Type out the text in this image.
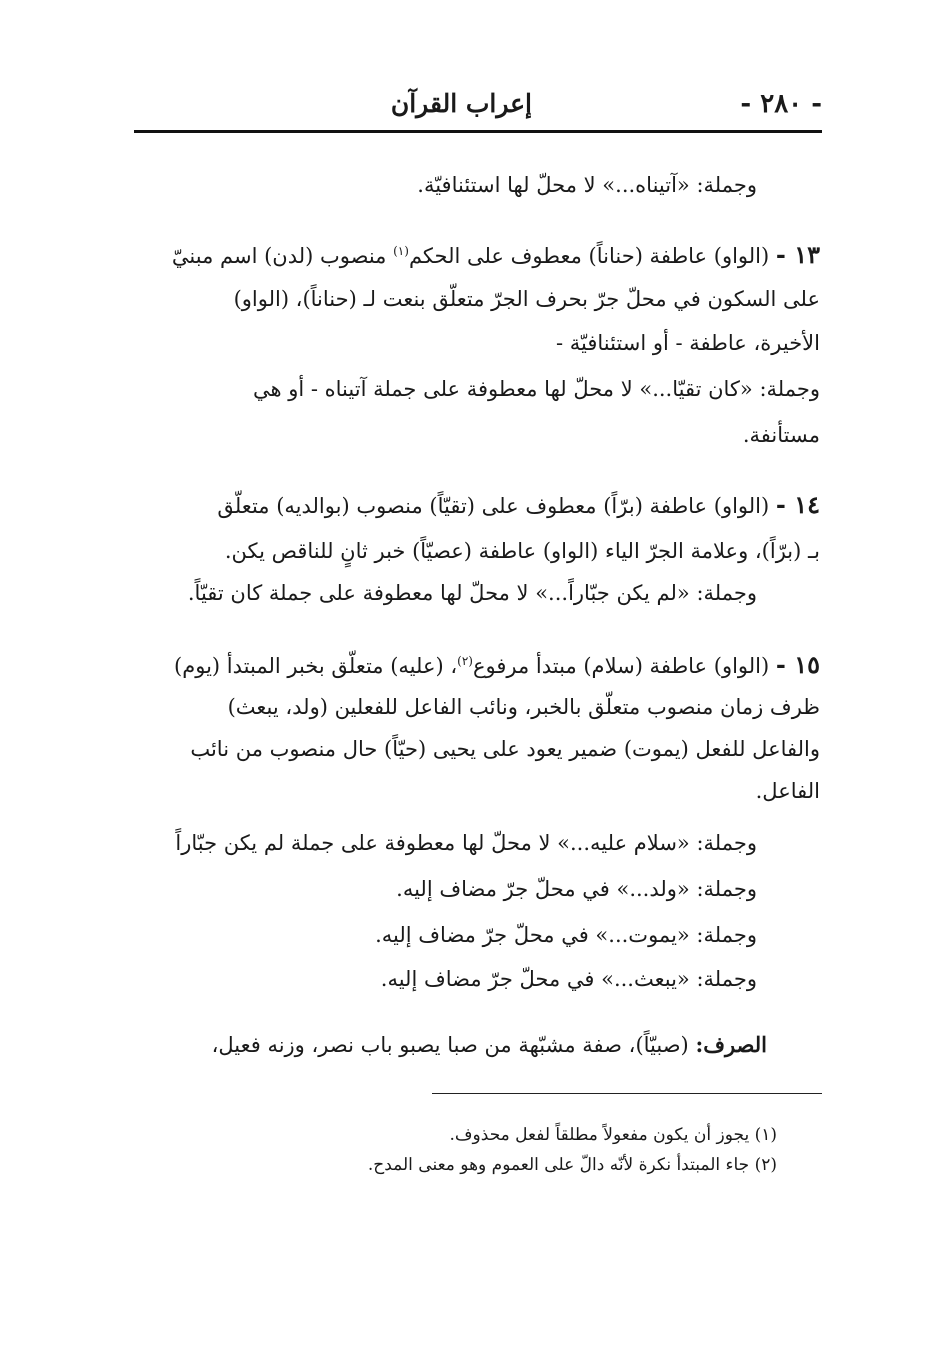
- ٢٨٠ -
إعراب القرآن
وجملة: «آتيناه...» لا محلّ لها استئنافيّة.
١٣ - (الواو) عاطفة (حناناً) معطوف على الحكم$^{(١)}$ منصوب (لدن) اسم مبنيّ
على السكون في محلّ جرّ بحرف الجرّ متعلّق بنعت لـ (حناناً)، (الواو)
الأخيرة، عاطفة - أو استئنافيّة -
وجملة: «كان تقيّا...» لا محلّ لها معطوفة على جملة آتيناه - أو هي
مستأنفة.
١٤ - (الواو) عاطفة (برّاً) معطوف على (تقيّاً) منصوب (بوالديه) متعلّق
بـ (برّاً)، وعلامة الجرّ الياء (الواو) عاطفة (عصيّاً) خبر ثانٍ للناقص يكن.
وجملة: «لم يكن جبّاراً...» لا محلّ لها معطوفة على جملة كان تقيّاً.
١٥ - (الواو) عاطفة (سلام) مبتدأ مرفوع$^{(٢)}$، (عليه) متعلّق بخبر المبتدأ (يوم)
ظرف زمان منصوب متعلّق بالخبر، ونائب الفاعل للفعلين (ولد، يبعث)
والفاعل للفعل (يموت) ضمير يعود على يحيى (حيّاً) حال منصوب من نائب
الفاعل.
وجملة: «سلام عليه...» لا محلّ لها معطوفة على جملة لم يكن جبّاراً
وجملة: «ولد...» في محلّ جرّ مضاف إليه.
وجملة: «يموت...» في محلّ جرّ مضاف إليه.
وجملة: «يبعث...» في محلّ جرّ مضاف إليه.
الصرف: (صبيّاً)، صفة مشبّهة من صبا يصبو باب نصر، وزنه فعيل،
(١) يجوز أن يكون مفعولاً مطلقاً لفعل محذوف.
(٢) جاء المبتدأ نكرة لأنّه دالّ على العموم وهو معنى المدح.
